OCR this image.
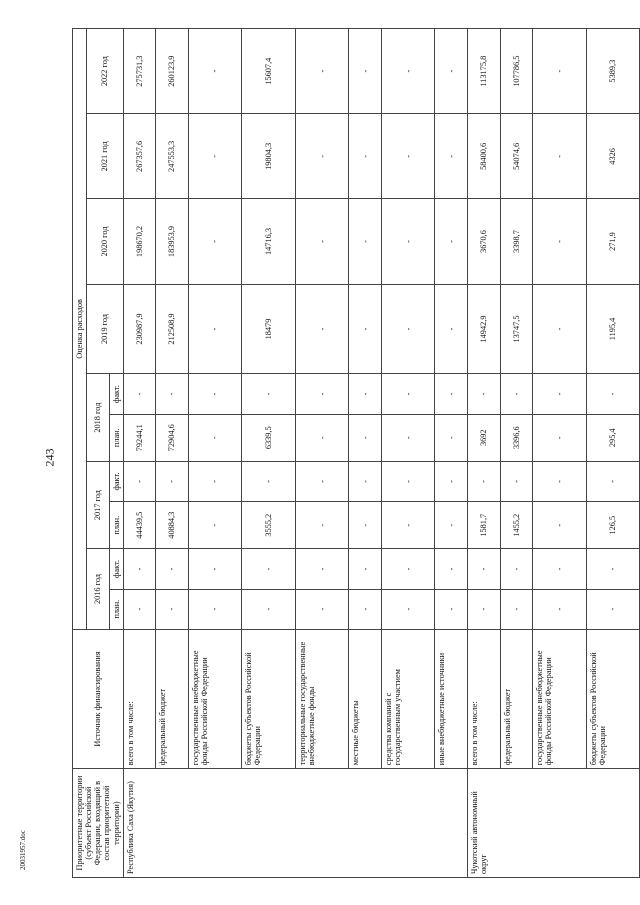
243
20031957.doc	Приоритетные территории (субъект Российской Федерации, входящий в состав приоритетной территории)	Источник финансирования	Оценка расходов									
		2016 год		2017 год		2018 год		2019 год	2020 год	2021 год	2022 год
		план.	факт.	план.	факт.	план.	факт.				
Республика Саха (Якутия)	всего в том числе:	-	-	44439,5	-	79244,1	-	230987,9	198670,2	267357,6	275731,3
	федеральный бюджет	-	-	40884,3	-	72904,6	-	212508,9	183953,9	247553,3	260123,9
	государственные внебюджетные фонды Российской Федерации	-	-	-	-	-	-	-	-	-	-
	бюджеты субъектов Российской Федерации	-	-	3555,2	-	6339,5	-	18479	14716,3	19804,3	15607,4
	территориальные государственные внебюджетные фонды	-	-	-	-	-	-	-	-	-	-
	местные бюджеты	-	-	-	-	-	-	-	-	-	-
	средства компаний с государственным участием	-	-	-	-	-	-	-	-	-	-
	иные внебюджетные источники	-	-	-	-	-	-	-	-	-	-
Чукотский автономный округ	всего в том числе:	-	-	1581,7	-	3692	-	14942,9	3670,6	58400,6	113175,8
	федеральный бюджет	-	-	1455,2	-	3396,6	-	13747,5	3398,7	54074,6	107786,5
	государственные внебюджетные фонды Российской Федерации	-	-	-	-	-	-	-	-	-	-
	бюджеты субъектов Российской Федерации	-	-	126,5	-	295,4	-	1195,4	271,9	4326	5389,3
